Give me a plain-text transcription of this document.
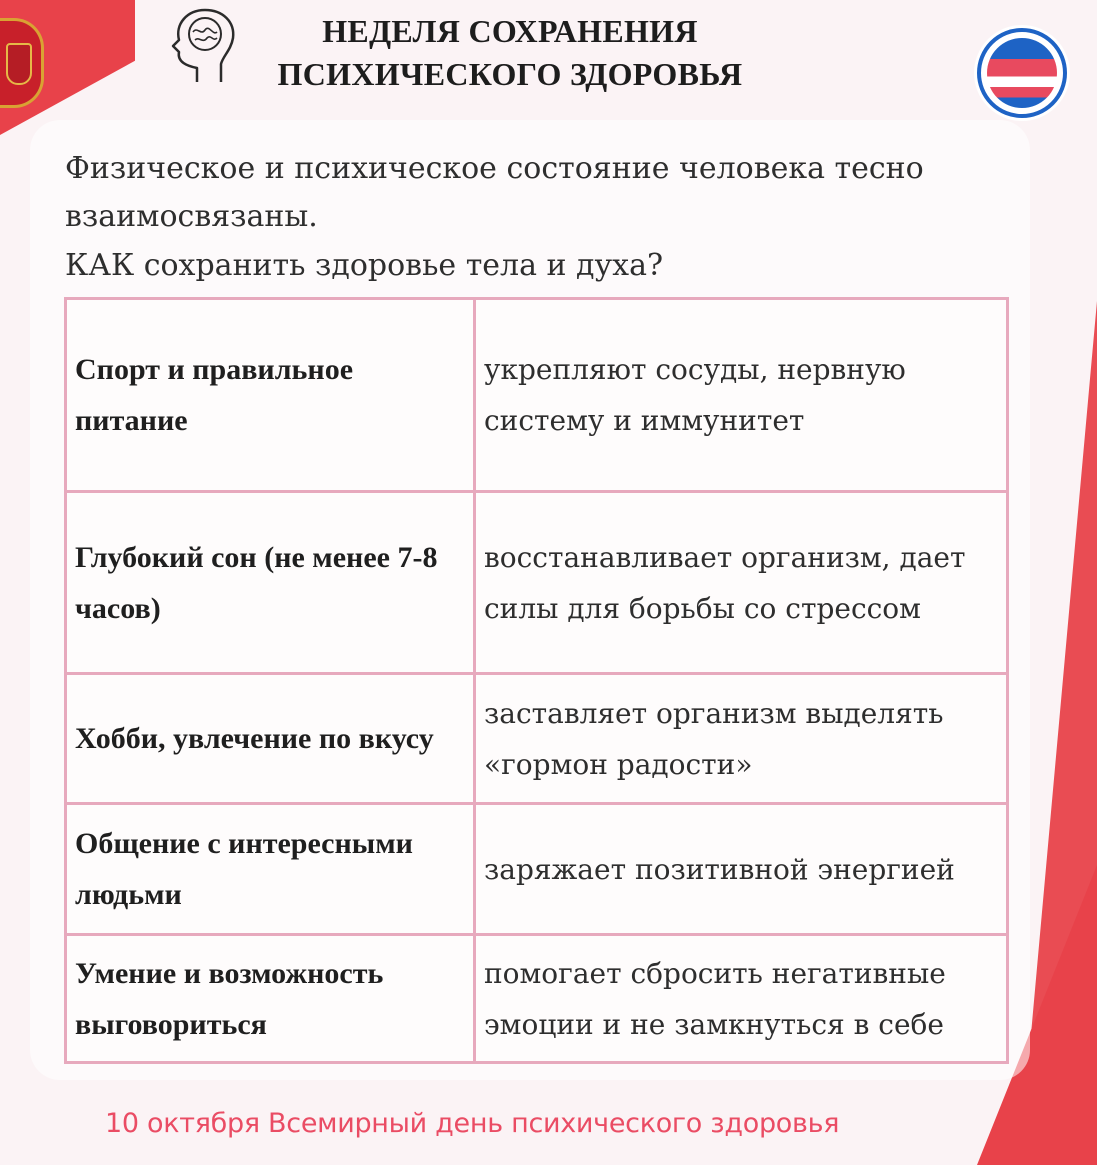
НЕДЕЛЯ СОХРАНЕНИЯ
ПСИХИЧЕСКОГО ЗДОРОВЬЯ
Физическое и психическое состояние человека тесно взаимосвязаны.
КАК сохранить здоровье тела и духа?
Спорт и правильное питание	укрепляют сосуды, нервную систему и иммунитет
Глубокий сон (не менее 7-8 часов)	восстанавливает организм, дает силы для борьбы со стрессом
Хобби, увлечение по вкусу	заставляет организм выделять «гормон радости»
Общение с интересными людьми	заряжает позитивной энергией
Умение и возможность выговориться	помогает сбросить негативные эмоции и не замкнуться в себе
10 октября Всемирный день психического здоровья
